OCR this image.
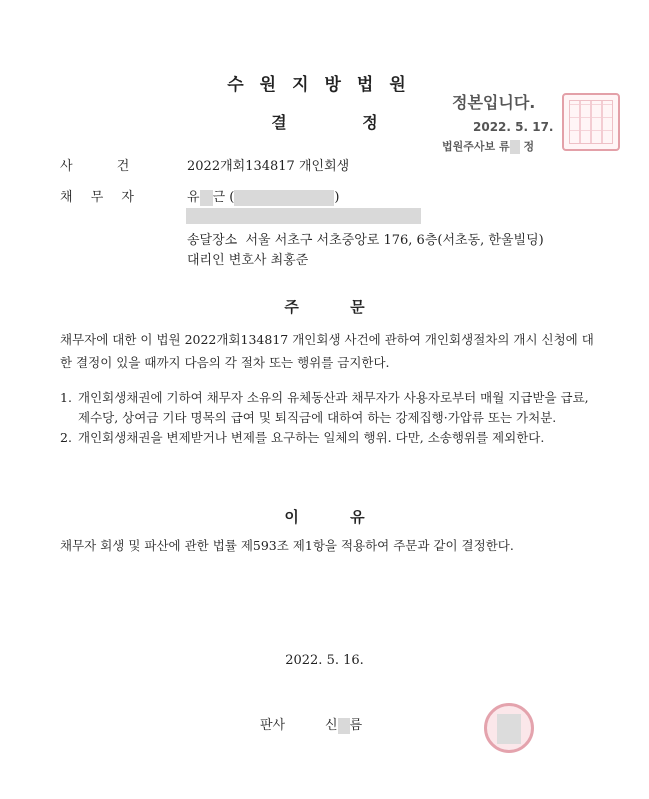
수원지방법원
결 정
정본입니다.
2022. 5. 17.
법원주사보 류 정
사 건	2022개회134817 개인회생
채 무 자	유 근 (	)
송달장소 서울 서초구 서초중앙로 176, 6층(서초동, 한울빌딩)
대리인 변호사 최홍준
주 문
채무자에 대한 이 법원 2022개회134817 개인회생 사건에 관하여 개인회생절차의 개시 신청에 대한 결정이 있을 때까지 다음의 각 절차 또는 행위를 금지한다.
1. 개인회생채권에 기하여 채무자 소유의 유체동산과 채무자가 사용자로부터 매월 지급받을 급료, 제수당, 상여금 기타 명목의 급여 및 퇴직금에 대하여 하는 강제집행·가압류 또는 가처분.
2. 개인회생채권을 변제받거나 변제를 요구하는 일체의 행위. 다만, 소송행위를 제외한다.
이 유
채무자 회생 및 파산에 관한 법률 제593조 제1항을 적용하여 주문과 같이 결정한다.
2022. 5. 16.
판사	신 름
